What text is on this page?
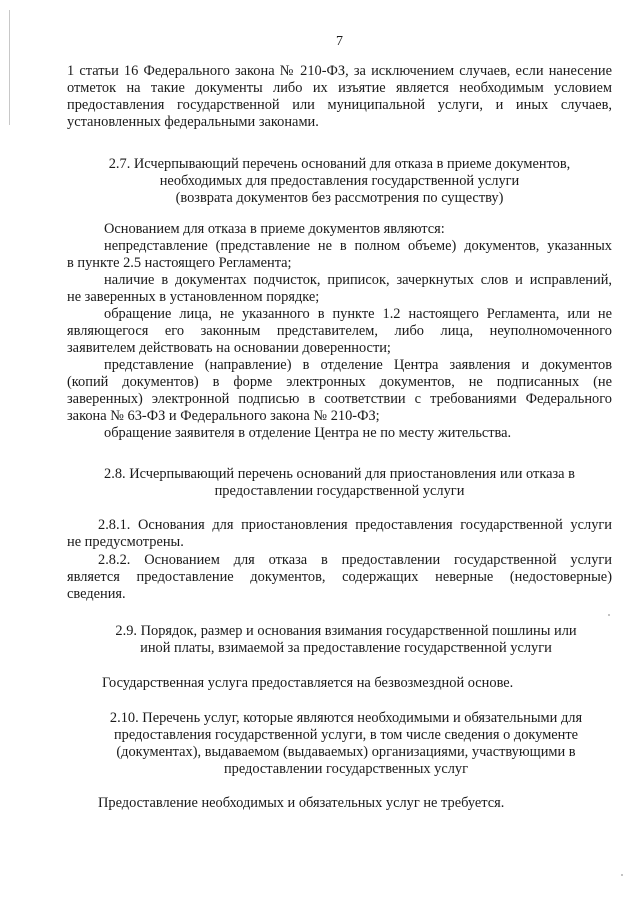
7
1 статьи 16 Федерального закона № 210-ФЗ, за исключением случаев, если нанесение
отметок на такие документы либо их изъятие является необходимым условием
предоставления государственной или муниципальной услуги, и иных случаев,
установленных федеральными законами.
2.7. Исчерпывающий перечень оснований для отказа в приеме документов,
необходимых для предоставления государственной услуги
(возврата документов без рассмотрения по существу)
Основанием для отказа в приеме документов являются:
непредставление (представление не в полном объеме) документов, указанных
в пункте 2.5 настоящего Регламента;
наличие в документах подчисток, приписок, зачеркнутых слов и исправлений,
не заверенных в установленном порядке;
обращение лица, не указанного в пункте 1.2 настоящего Регламента, или не
являющегося его законным представителем, либо лица, неуполномоченного
заявителем действовать на основании доверенности;
представление (направление) в отделение Центра заявления и документов
(копий документов) в форме электронных документов, не подписанных (не
заверенных) электронной подписью в соответствии с требованиями Федерального
закона № 63-ФЗ и Федерального закона № 210-ФЗ;
обращение заявителя в отделение Центра не по месту жительства.
2.8. Исчерпывающий перечень оснований для приостановления или отказа в
предоставлении государственной услуги
2.8.1. Основания для приостановления предоставления государственной услуги
не предусмотрены.
2.8.2. Основанием для отказа в предоставлении государственной услуги
является предоставление документов, содержащих неверные (недостоверные)
сведения.
2.9. Порядок, размер и основания взимания государственной пошлины или
иной платы, взимаемой за предоставление государственной услуги
Государственная услуга предоставляется на безвозмездной основе.
2.10. Перечень услуг, которые являются необходимыми и обязательными для
предоставления государственной услуги, в том числе сведения о документе
(документах), выдаваемом (выдаваемых) организациями, участвующими в
предоставлении государственных услуг
Предоставление необходимых и обязательных услуг не требуется.
